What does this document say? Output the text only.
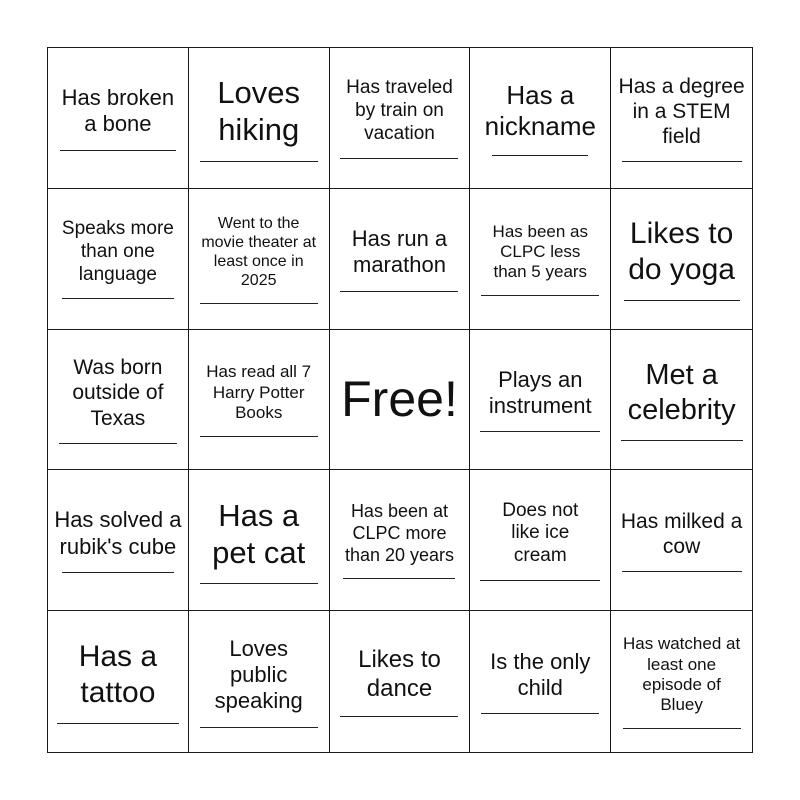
Has broken a bone
Loves hiking
Has traveled by train on vacation
Has a nickname
Has a degree in a STEM field
Speaks more than one language
Went to the movie theater at least once in 2025
Has run a marathon
Has been as CLPC less than 5 years
Likes to do yoga
Was born outside of Texas
Has read all 7 Harry Potter Books	Free!	Plays an instrument
Met a celebrity
Has solved a rubik's cube
Has a pet cat
Has been at CLPC more than 20 years
Does not like ice cream
Has milked a cow
Has a tattoo
Loves public speaking
Likes to dance
Is the only child
Has watched at least one episode of Bluey
